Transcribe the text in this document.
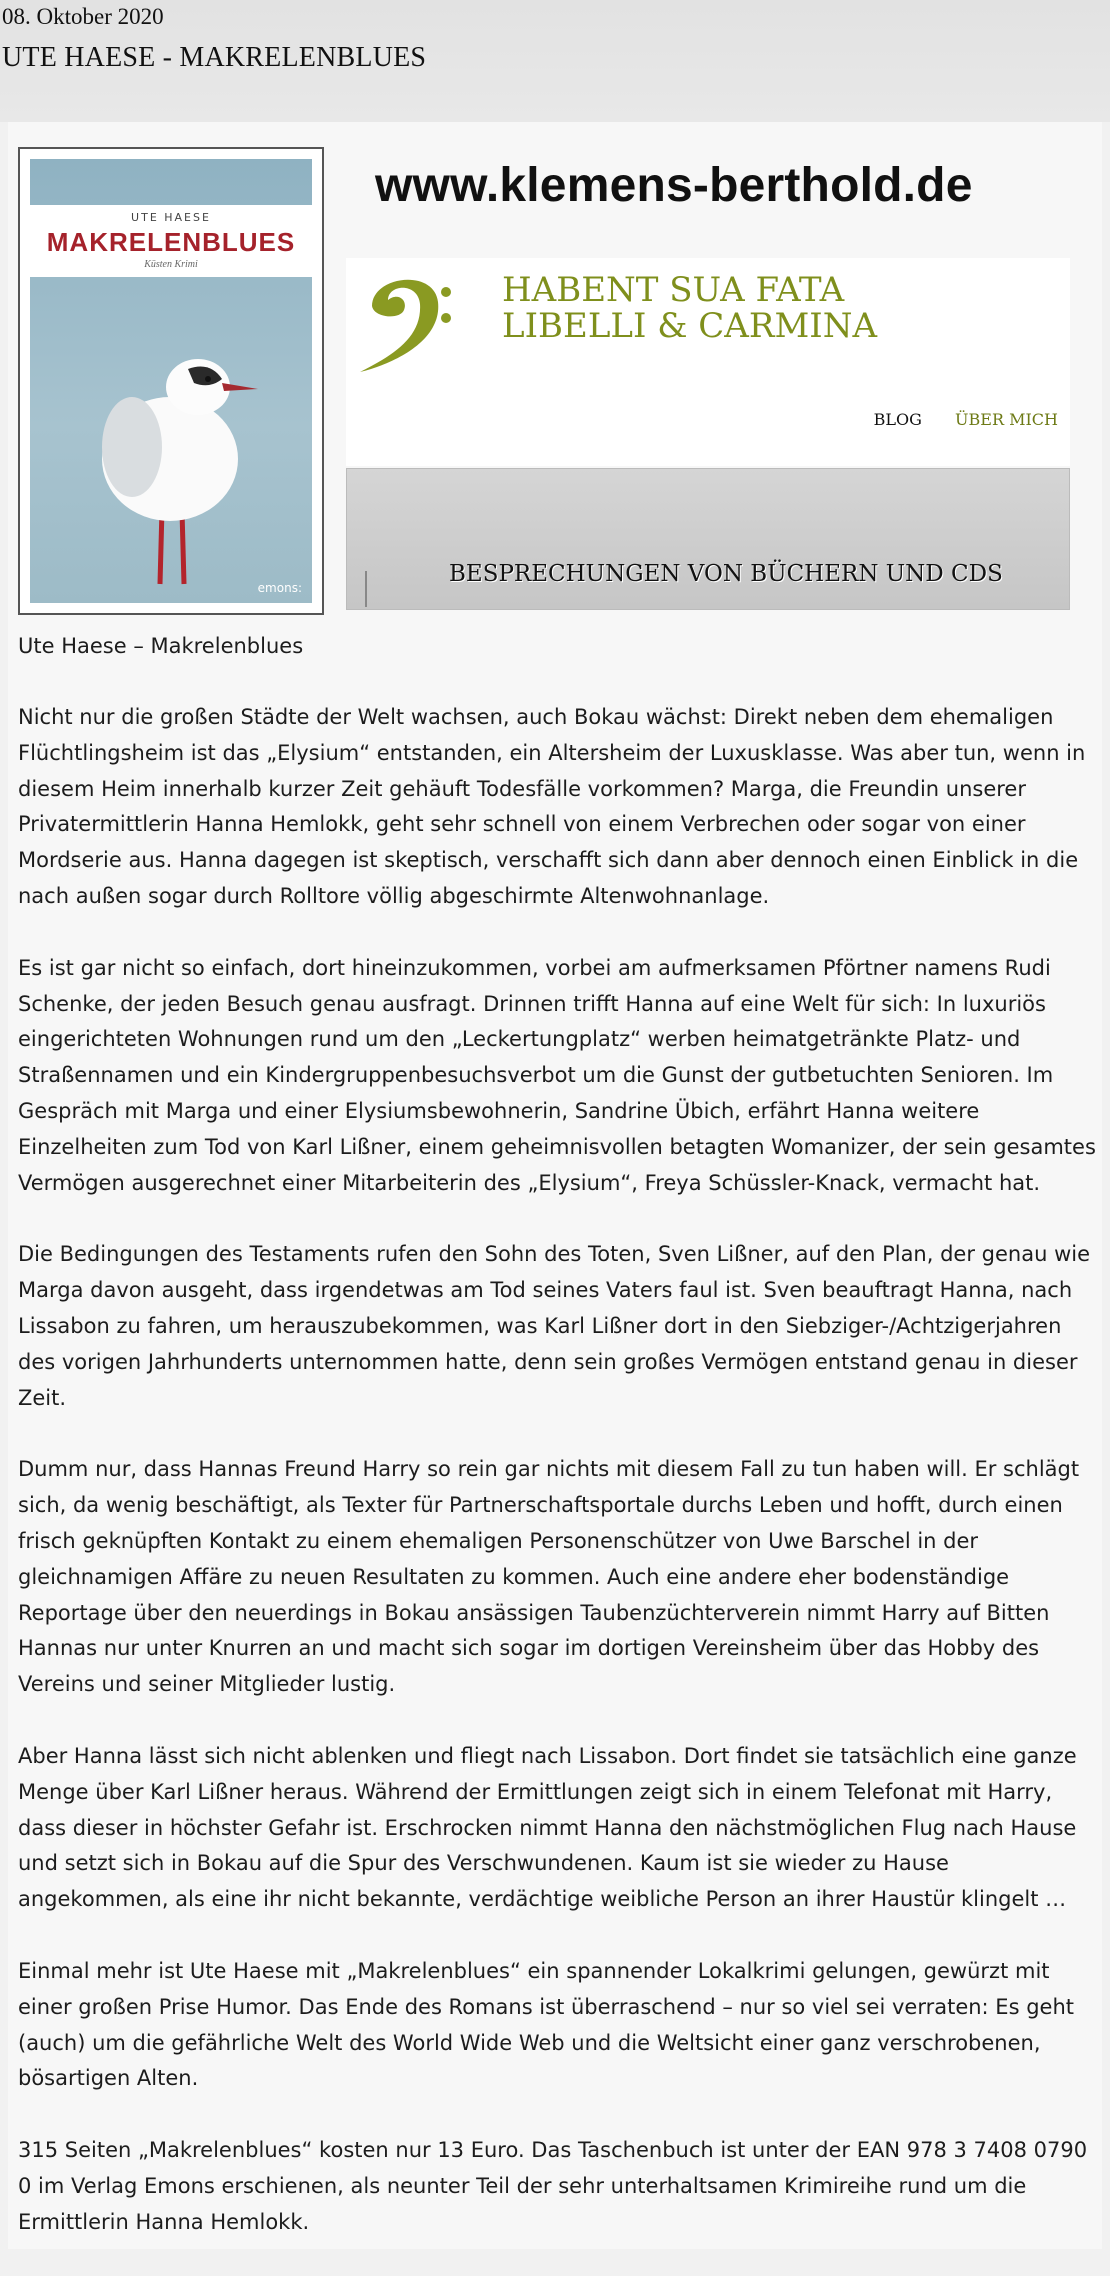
08. Oktober 2020
UTE HAESE - MAKRELENBLUES
UTE HAESE
MAKRELENBLUES
Küsten Krimi
emons:
www.klemens-berthold.de
HABENT SUA FATA
LIBELLI & CARMINA
BLOG ÜBER MICH
BESPRECHUNGEN VON BÜCHERN UND CDS
Ute Haese – Makrelenblues

Nicht nur die großen Städte der Welt wachsen, auch Bokau wächst: Direkt neben dem ehemaligen Flüchtlingsheim ist das „Elysium“ entstanden, ein Altersheim der Luxusklasse. Was aber tun, wenn in diesem Heim innerhalb kurzer Zeit gehäuft Todesfälle vorkommen? Marga, die Freundin unserer Privatermittlerin Hanna Hemlokk, geht sehr schnell von einem Verbrechen oder sogar von einer Mordserie aus. Hanna dagegen ist skeptisch, verschafft sich dann aber dennoch einen Einblick in die nach außen sogar durch Rolltore völlig abgeschirmte Altenwohnanlage.

Es ist gar nicht so einfach, dort hineinzukommen, vorbei am aufmerksamen Pförtner namens Rudi Schenke, der jeden Besuch genau ausfragt. Drinnen trifft Hanna auf eine Welt für sich: In luxuriös eingerichteten Wohnungen rund um den „Leckertungplatz“ werben heimatgetränkte Platz- und Straßennamen und ein Kindergruppenbesuchsverbot um die Gunst der gutbetuchten Senioren. Im Gespräch mit Marga und einer Elysiumsbewohnerin, Sandrine Übich, erfährt Hanna weitere Einzelheiten zum Tod von Karl Lißner, einem geheimnisvollen betagten Womanizer, der sein gesamtes Vermögen ausgerechnet einer Mitarbeiterin des „Elysium“, Freya Schüssler-Knack, vermacht hat.

Die Bedingungen des Testaments rufen den Sohn des Toten, Sven Lißner, auf den Plan, der genau wie Marga davon ausgeht, dass irgendetwas am Tod seines Vaters faul ist. Sven beauftragt Hanna, nach Lissabon zu fahren, um herauszubekommen, was Karl Lißner dort in den Siebziger-/Achtzigerjahren des vorigen Jahrhunderts unternommen hatte, denn sein großes Vermögen entstand genau in dieser Zeit.

Dumm nur, dass Hannas Freund Harry so rein gar nichts mit diesem Fall zu tun haben will. Er schlägt sich, da wenig beschäftigt, als Texter für Partnerschaftsportale durchs Leben und hofft, durch einen frisch geknüpften Kontakt zu einem ehemaligen Personenschützer von Uwe Barschel in der gleichnamigen Affäre zu neuen Resultaten zu kommen. Auch eine andere eher bodenständige Reportage über den neuerdings in Bokau ansässigen Taubenzüchterverein nimmt Harry auf Bitten Hannas nur unter Knurren an und macht sich sogar im dortigen Vereinsheim über das Hobby des Vereins und seiner Mitglieder lustig.

Aber Hanna lässt sich nicht ablenken und fliegt nach Lissabon. Dort findet sie tatsächlich eine ganze Menge über Karl Lißner heraus. Während der Ermittlungen zeigt sich in einem Telefonat mit Harry, dass dieser in höchster Gefahr ist. Erschrocken nimmt Hanna den nächstmöglichen Flug nach Hause und setzt sich in Bokau auf die Spur des Verschwundenen. Kaum ist sie wieder zu Hause angekommen, als eine ihr nicht bekannte, verdächtige weibliche Person an ihrer Haustür klingelt …

Einmal mehr ist Ute Haese mit „Makrelenblues“ ein spannender Lokalkrimi gelungen, gewürzt mit einer großen Prise Humor. Das Ende des Romans ist überraschend – nur so viel sei verraten: Es geht (auch) um die gefährliche Welt des World Wide Web und die Weltsicht einer ganz verschrobenen, bösartigen Alten.

315 Seiten „Makrelenblues“ kosten nur 13 Euro. Das Taschenbuch ist unter der EAN 978 3 7408 0790 0 im Verlag Emons erschienen, als neunter Teil der sehr unterhaltsamen Krimireihe rund um die Ermittlerin Hanna Hemlokk.
